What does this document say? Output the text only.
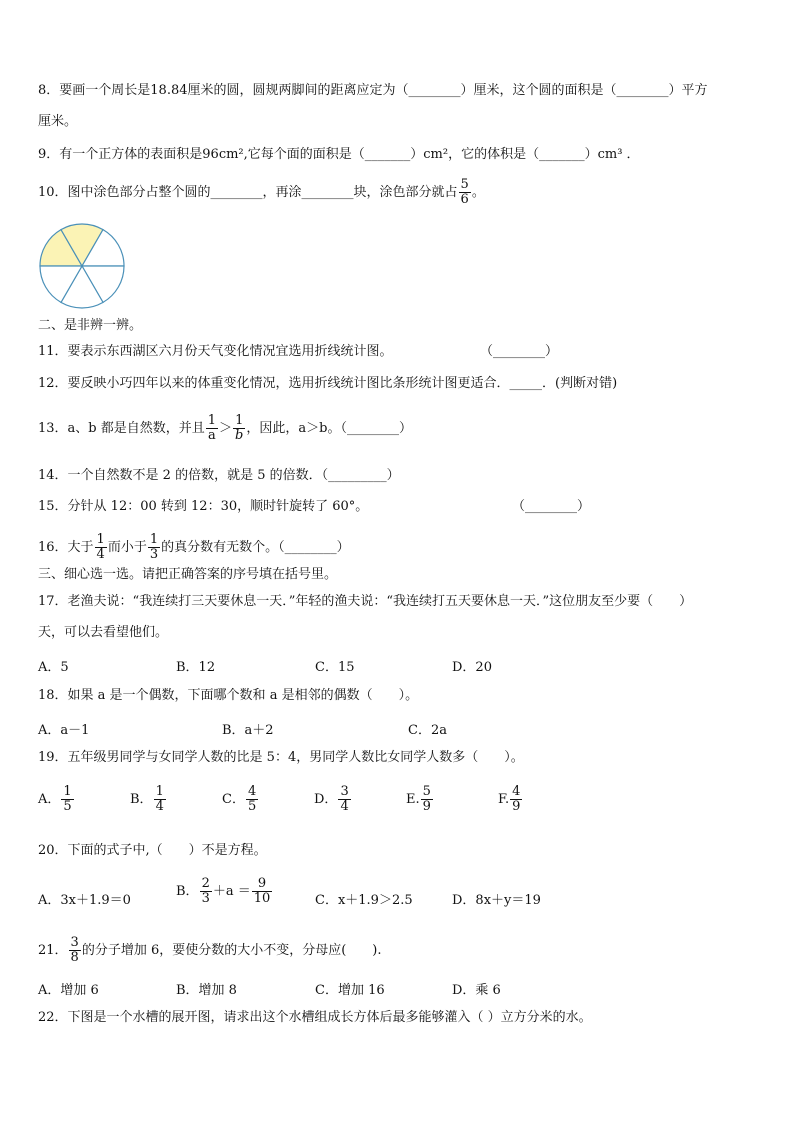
8．要画一个周长是18.84厘米的圆，圆规两脚间的距离应定为（________）厘米，这个圆的面积是（________）平方
厘米。
9．有一个正方体的表面积是96cm²,它每个面的面积是（_______）cm²，它的体积是（_______）cm³ ．
10．图中涂色部分占整个圆的________，再涂________块，涂色部分就占 $\frac{5}{6}$ 。
二、是非辨一辨。
11．要表示东西湖区六月份天气变化情况宜选用折线统计图。	（________）
12．要反映小巧四年以来的体重变化情况，选用折线统计图比条形统计图更适合．_____．(判断对错)
13．a、b 都是自然数，并且 $\frac{1}{a} > \frac{1}{b}$ ，因此，a＞b。（________）
14．一个自然数不是 2 的倍数，就是 5 的倍数．（_________）
15．分针从 12：00 转到 12：30，顺时针旋转了 60°。	（________）
16．大于 $\frac{1}{4}$ 而小于 $\frac{1}{3}$ 的真分数有无数个。（________）
三、细心选一选。请把正确答案的序号填在括号里。
17．老渔夫说：“我连续打三天要休息一天．”年轻的渔夫说：“我连续打五天要休息一天．”这位朋友至少要（　　）
天，可以去看望他们。
A．5	B．12	C．15	D．20
18．如果 a 是一个偶数，下面哪个数和 a 是相邻的偶数（　　）。
A．a－1	B．a＋2	C．2a
19．五年级男同学与女同学人数的比是 5：4，男同学人数比女同学人数多（　　）。
A． $\frac{1}{5}$	B． $\frac{1}{4}$	C． $\frac{4}{5}$	D． $\frac{3}{4}$	E. $\frac{5}{9}$	F. $\frac{4}{9}$
20．下面的式子中,（　　）不是方程。
A．3x＋1.9＝0
B． $\frac{2}{3} +a = \frac{9}{10}$	C．x＋1.9＞2.5	D．8x＋y＝19
21． $\frac{3}{8}$ 的分子增加 6，要使分数的大小不变，分母应(　　).
A．增加 6	B．增加 8	C．增加 16	D．乘 6
22．下图是一个水槽的展开图，请求出这个水槽组成长方体后最多能够灌入（ ）立方分米的水。
